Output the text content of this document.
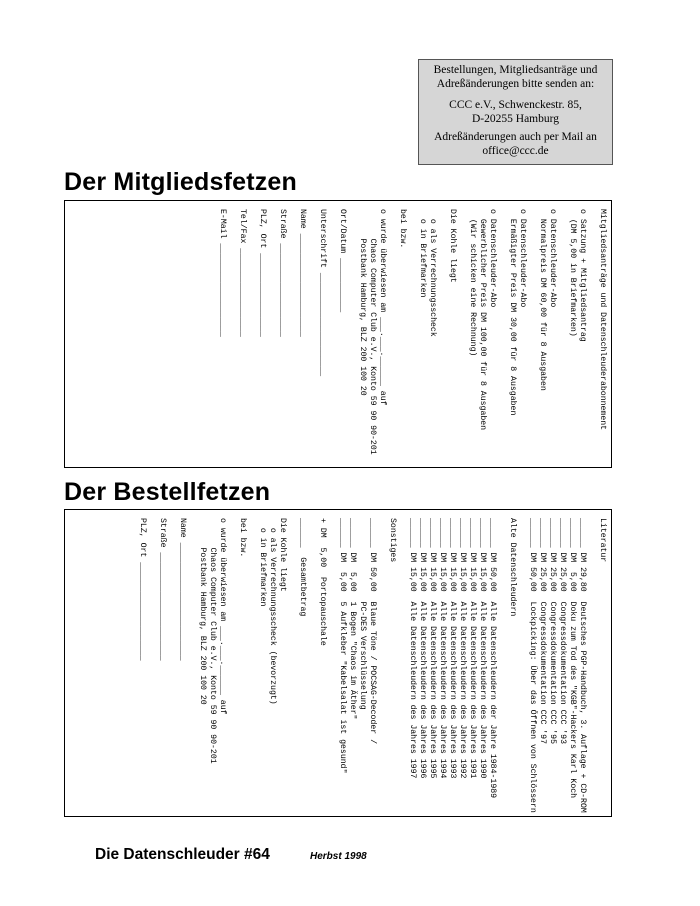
Bestellungen, Mitgliedsanträge und

Adreßänderungen bitte senden an:

CCC e.V., Schwenckestr. 85,

D-20255 Hamburg

Adreßänderungen auch per Mail an

office@ccc.de

Der Mitgliedsfetzen
Mitgliedsanträge und Datenschleuderabonnement

o Satzung + Mitgliedsantrag
(DM 5,00 in Briefmarken)

o Datenschleuder-Abo
Normalpreis DM 60,00 für 8 Ausgaben

o Datenschleuder-Abo
Ermäßigter Preis DM 30,00 für 8 Ausgaben

o Datenschleuder-Abo
Gewerblicher Preis DM 100,00 für 8 Ausgaben
(Wir schicken eine Rechnung)

Die Kohle liegt

o als Verrechnungsscheck
o in Briefmarken

bei bzw.

o wurde überwiesen am ___.___.______ auf
Chaos Computer Club e.V., Konto 59 90 90-201
Postbank Hamburg, BLZ 200 100 20

Ort/Datum ___________

Unterschrift _____________________

Name _____________________

Straße ___________________

PLZ, Ort _________________

Tel/Fax __________________

E-Mail ___________________
Der Bestellfetzen
Literatur

______ DM 29,80  Deutsches PGP-Handbuch, 3. Auflage + CD-ROM
______ DM  5,00  Doku zum Tod des "KGB"-Hackers Karl Koch
______ DM 25,00  Congressdokumentation CCC '93
______ DM 25,00  Congressdokumentation CCC '95
______ DM 25,00  Congressdokumentation CCC '97
______ DM 50,00  Lockpicking: Über das Öffnen von Schlössern

Alte Datenschleudern

______ DM 50,00  Alle Datenschleudern der Jahre 1984-1989
______ DM 15,00  Alle Datenschleudern des Jahres 1990
______ DM 15,00  Alle Datenschleudern des Jahres 1991
______ DM 15,00  Alle Datenschleudern des Jahres 1992
______ DM 15,00  Alle Datenschleudern des Jahres 1993
______ DM 15,00  Alle Datenschleudern des Jahres 1994
______ DM 15,00  Alle Datenschleudern des Jahres 1995
______ DM 15,00  Alle Datenschleudern des Jahres 1996
______ DM 15,00  Alle Datenschleudern des Jahres 1997

Sonstiges

______ DM 50,00  Blaue Töne / POCSAG-Decoder /
PC-DES Verschlüsselung
______ DM  5,00  1 Bogen "Chaos im Äther"
______ DM  5,00  5 Aufkleber "Kabelsalat ist gesund"

+ DM  5,00  Portopauschale

______  Gesamtbetrag

Die Kohle liegt
o als Verrechnungsscheck (bevorzugt)
o in Briefmarken

bei bzw.

o wurde überwiesen am ___.___.______ auf
Chaos Computer Club e.V., Konto 59 90 90-201
Postbank Hamburg, BLZ 200 100 20

Name ________________________

Straße ______________________

PLZ, Ort ____________________
Die Datenschleuder #64	Herbst 1998
